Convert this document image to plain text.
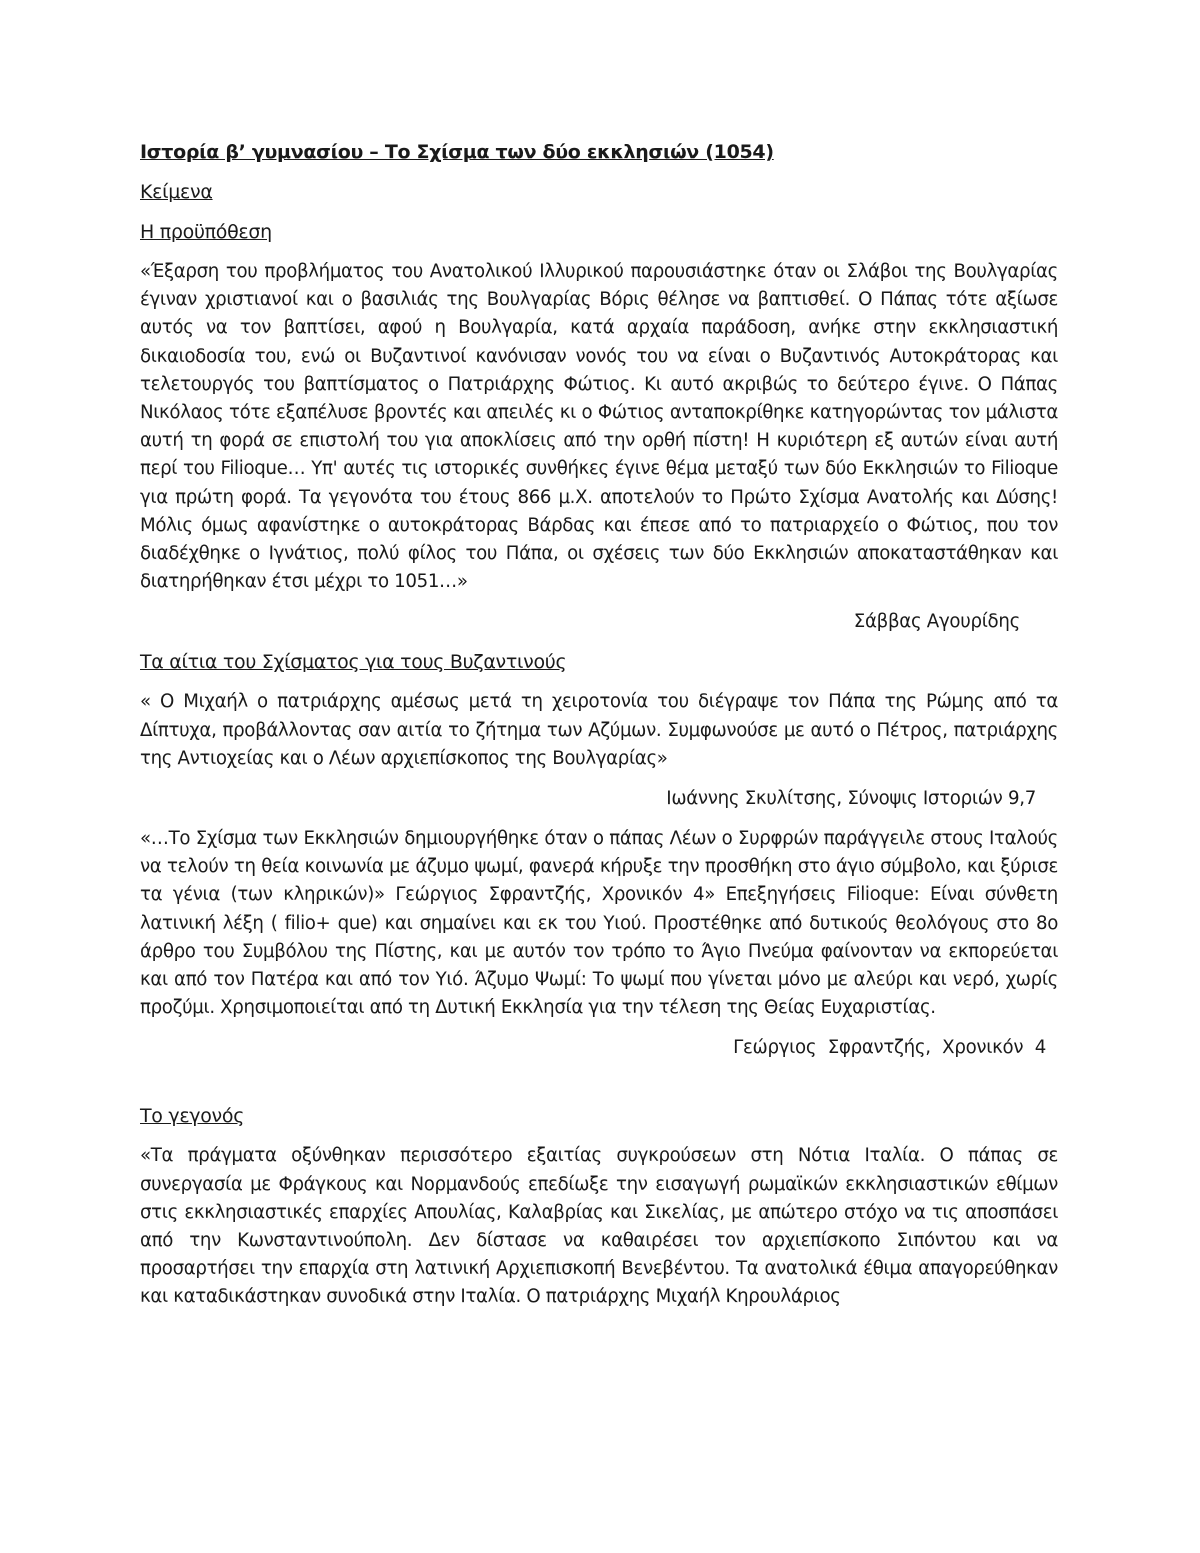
Ιστορία β’ γυμνασίου – Το Σχίσμα των δύο εκκλησιών (1054)
Κείμενα
Η προϋπόθεση
«Έξαρση του προβλήματος του Ανατολικού Ιλλυρικού παρουσιάστηκε όταν οι Σλάβοι της Βουλγαρίας έγιναν χριστιανοί και ο βασιλιάς της Βουλγαρίας Βόρις θέλησε να βαπτισθεί. Ο Πάπας τότε αξίωσε αυτός να τον βαπτίσει, αφού η Βουλγαρία, κατά αρχαία παράδοση, ανήκε στην εκκλησιαστική δικαιοδοσία του, ενώ οι Βυζαντινοί κανόνισαν νονός του να είναι ο Βυζαντινός Αυτοκράτορας και τελετουργός του βαπτίσματος ο Πατριάρχης Φώτιος. Κι αυτό ακριβώς το δεύτερο έγινε. Ο Πάπας Νικόλαος τότε εξαπέλυσε βροντές και απειλές κι ο Φώτιος ανταποκρίθηκε κατηγορώντας τον μάλιστα αυτή τη φορά σε επιστολή του για αποκλίσεις από την ορθή πίστη! Η κυριότερη εξ αυτών είναι αυτή περί του Filioque… Υπ' αυτές τις ιστορικές συνθήκες έγινε θέμα μεταξύ των δύο Εκκλησιών το Filioque για πρώτη φορά. Τα γεγονότα του έτους 866 μ.Χ. αποτελούν το Πρώτο Σχίσμα Ανατολής και Δύσης! Μόλις όμως αφανίστηκε ο αυτοκράτορας Βάρδας και έπεσε από το πατριαρχείο ο Φώτιος, που τον διαδέχθηκε ο Ιγνάτιος, πολύ φίλος του Πάπα, οι σχέσεις των δύο Εκκλησιών αποκαταστάθηκαν και διατηρήθηκαν έτσι μέχρι το 1051…»
Σάββας Αγουρίδης
Τα αίτια του Σχίσματος για τους Βυζαντινούς
« Ο Μιχαήλ ο πατριάρχης αμέσως μετά τη χειροτονία του διέγραψε τον Πάπα της Ρώμης από τα Δίπτυχα, προβάλλοντας σαν αιτία το ζήτημα των Αζύμων. Συμφωνούσε με αυτό ο Πέτρος, πατριάρχης της Αντιοχείας και ο Λέων αρχιεπίσκοπος της Βουλγαρίας»
Ιωάννης Σκυλίτσης, Σύνοψις Ιστοριών 9,7
«…Το Σχίσμα των Εκκλησιών δημιουργήθηκε όταν ο πάπας Λέων ο Συρφρών παράγγειλε στους Ιταλούς να τελούν τη θεία κοινωνία με άζυμο ψωμί, φανερά κήρυξε την προσθήκη στο άγιο σύμβολο, και ξύρισε τα γένια (των κληρικών)» Γεώργιος Σφραντζής, Χρονικόν 4» Επεξηγήσεις Filioque: Είναι σύνθετη λατινική λέξη ( filio+ que) και σημαίνει και εκ του Υιού. Προστέθηκε από δυτικούς θεολόγους στο 8ο άρθρο του Συμβόλου της Πίστης, και με αυτόν τον τρόπο το Άγιο Πνεύμα φαίνονταν να εκπορεύεται και από τον Πατέρα και από τον Υιό. Άζυμο Ψωμί: Το ψωμί που γίνεται μόνο με αλεύρι και νερό, χωρίς προζύμι. Χρησιμοποιείται από τη Δυτική Εκκλησία για την τέλεση της Θείας Ευχαριστίας.
Γεώργιος Σφραντζής, Χρονικόν 4
Το γεγονός
«Τα πράγματα οξύνθηκαν περισσότερο εξαιτίας συγκρούσεων στη Νότια Ιταλία. Ο πάπας σε συνεργασία με Φράγκους και Νορμανδούς επεδίωξε την εισαγωγή ρωμαϊκών εκκλησιαστικών εθίμων στις εκκλησιαστικές επαρχίες Απουλίας, Καλαβρίας και Σικελίας, με απώτερο στόχο να τις αποσπάσει από την Κωνσταντινούπολη. Δεν δίστασε να καθαιρέσει τον αρχιεπίσκοπο Σιπόντου και να προσαρτήσει την επαρχία στη λατινική Αρχιεπισκοπή Βενεβέντου. Τα ανατολικά έθιμα απαγορεύθηκαν και καταδικάστηκαν συνοδικά στην Ιταλία. Ο πατριάρχης Μιχαήλ Κηρουλάριος
